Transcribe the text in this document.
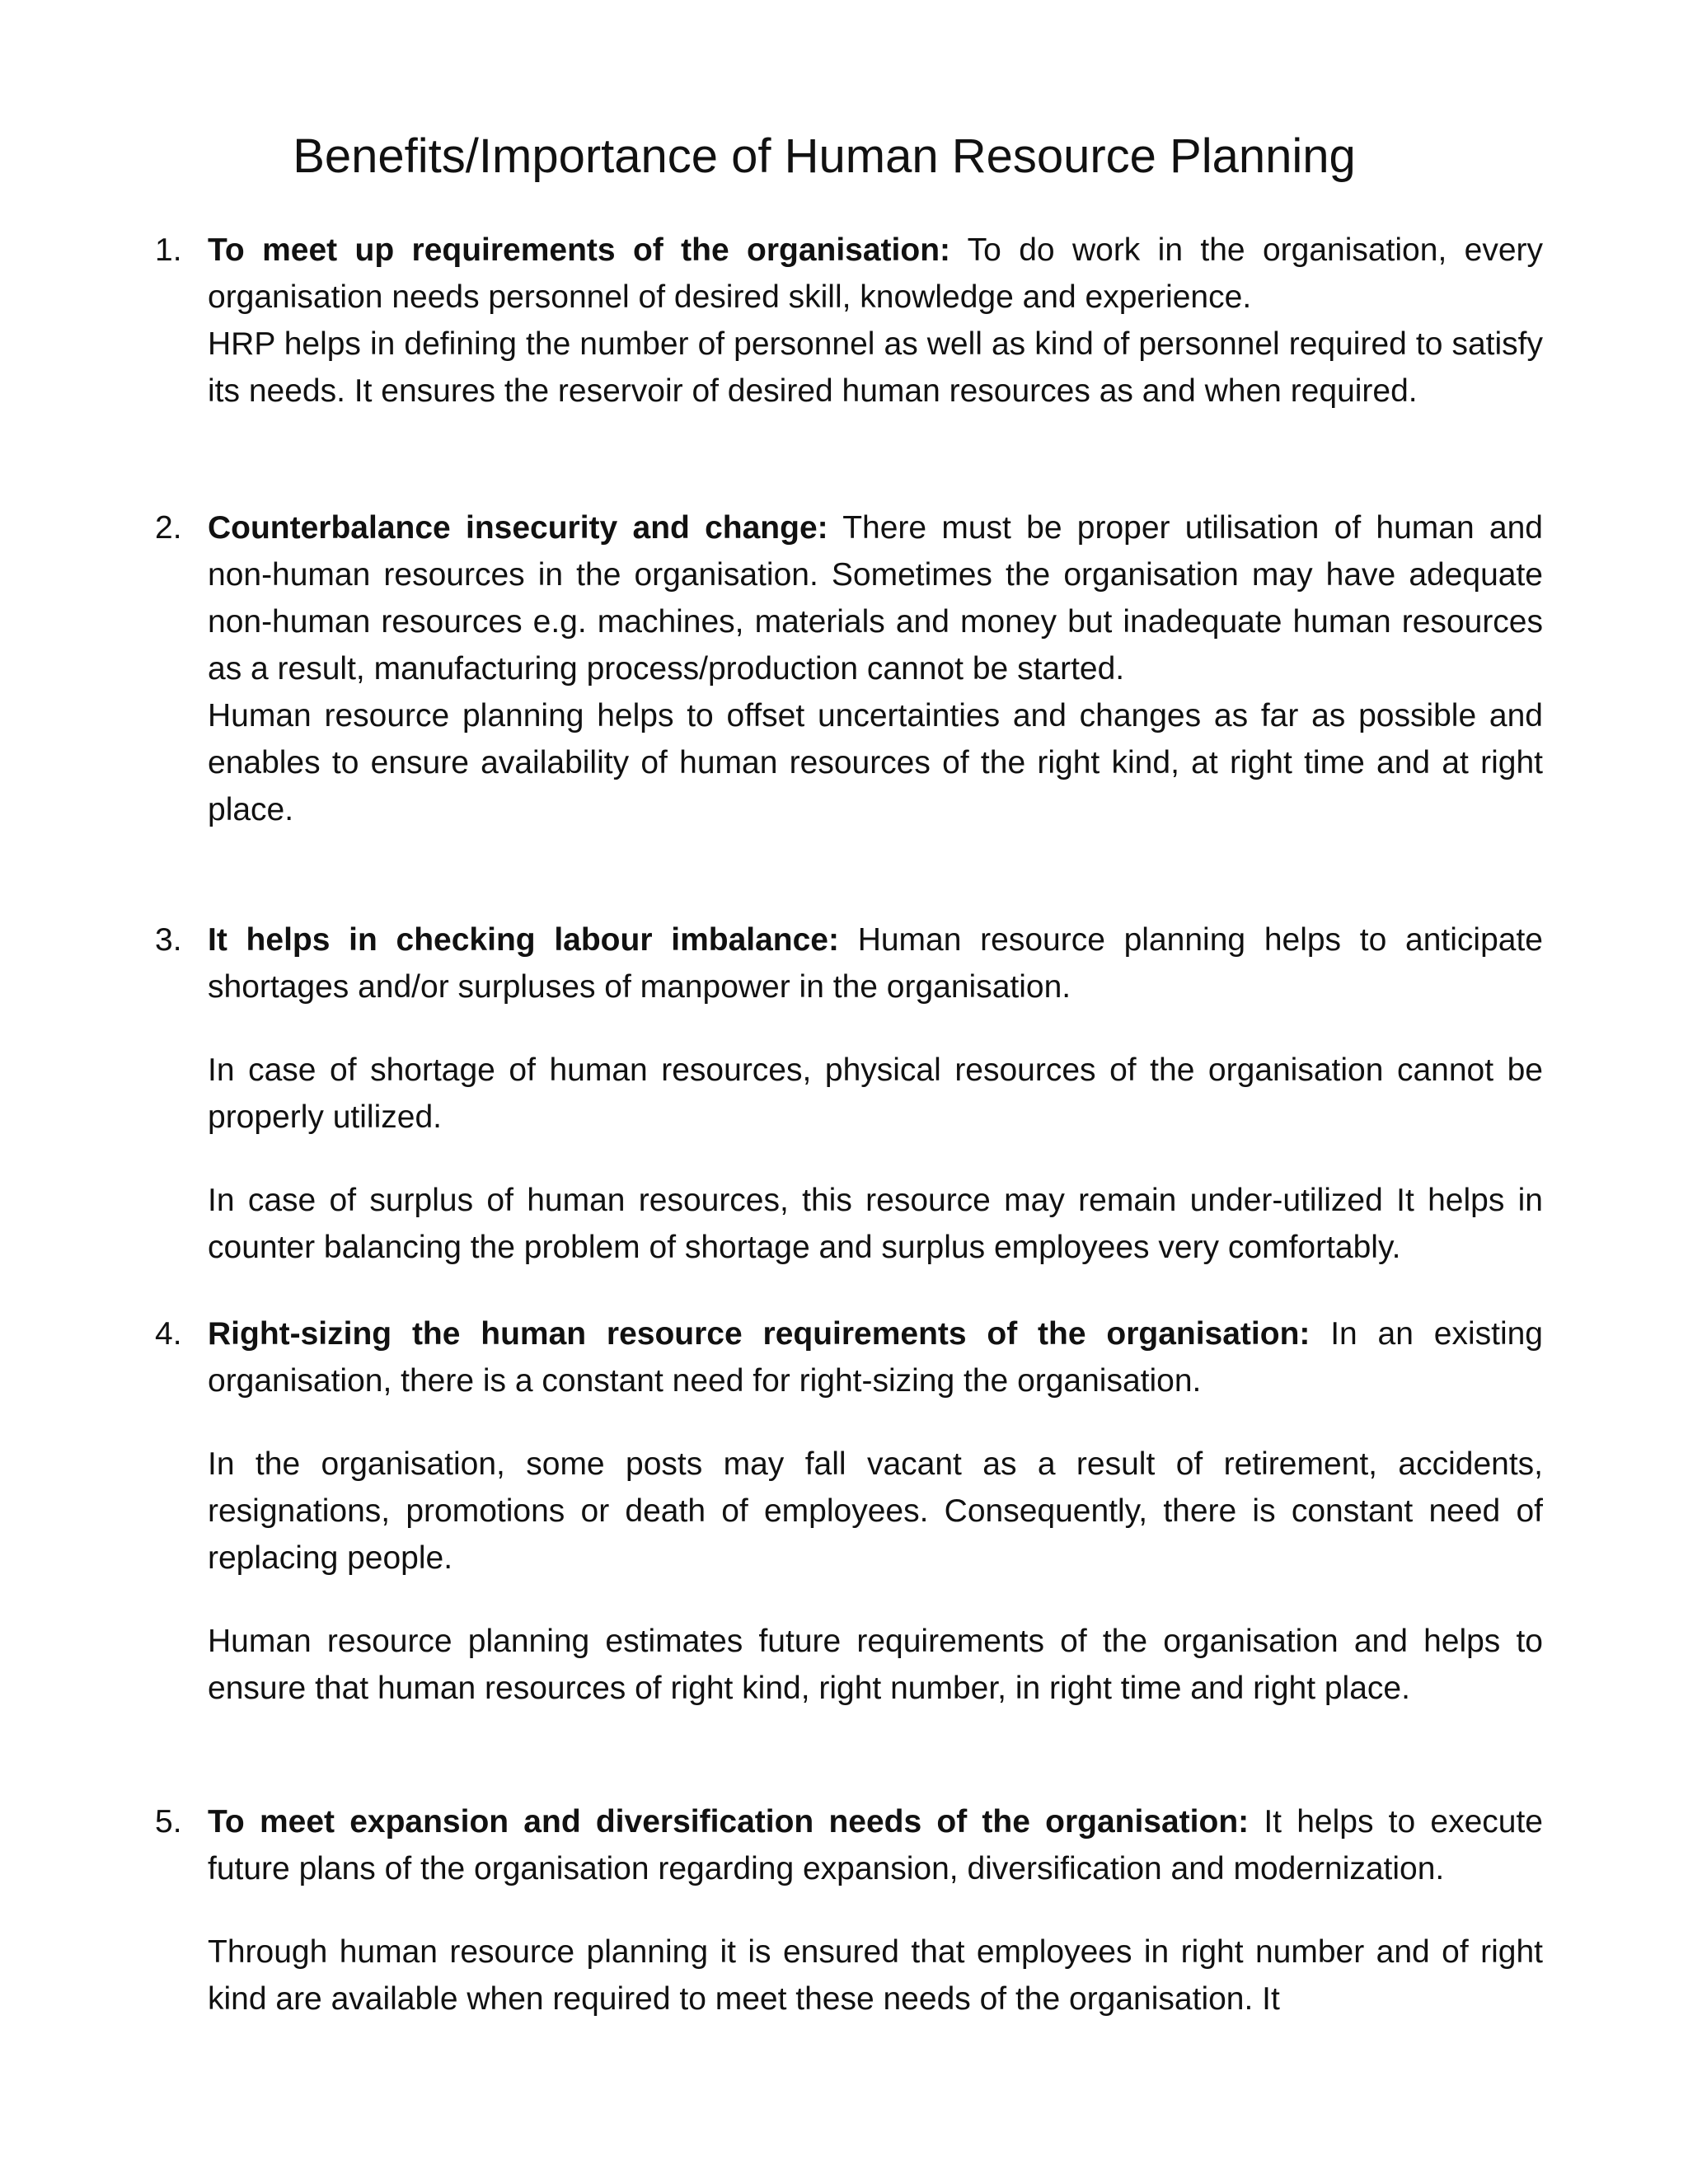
Benefits/Importance of Human Resource Planning
1. To meet up requirements of the organisation: To do work in the organisation, every organisation needs personnel of desired skill, knowledge and experience.

HRP helps in defining the number of personnel as well as kind of personnel required to satisfy its needs. It ensures the reservoir of desired human resources as and when required.

2. Counterbalance insecurity and change: There must be proper utilisation of human and non-human resources in the organisation. Sometimes the organisation may have adequate non-human resources e.g. machines, materials and money but inadequate human resources as a result, manufacturing process/production cannot be started.

Human resource planning helps to offset uncertainties and changes as far as possible and enables to ensure availability of human resources of the right kind, at right time and at right place.

3. It helps in checking labour imbalance: Human resource planning helps to anticipate shortages and/or surpluses of manpower in the organisation.

In case of shortage of human resources, physical resources of the organisation cannot be properly utilized.

In case of surplus of human resources, this resource may remain under-utilized It helps in counter balancing the problem of shortage and surplus employees very comfortably.

4. Right-sizing the human resource requirements of the organisation: In an existing organisation, there is a constant need for right-sizing the organisation.

In the organisation, some posts may fall vacant as a result of retirement, accidents, resignations, promotions or death of employees. Consequently, there is constant need of replacing people.

Human resource planning estimates future requirements of the organisation and helps to ensure that human resources of right kind, right number, in right time and right place.

5. To meet expansion and diversification needs of the organisation: It helps to execute future plans of the organisation regarding expansion, diversification and modernization.

Through human resource planning it is ensured that employees in right number and of right kind are available when required to meet these needs of the organisation. It
